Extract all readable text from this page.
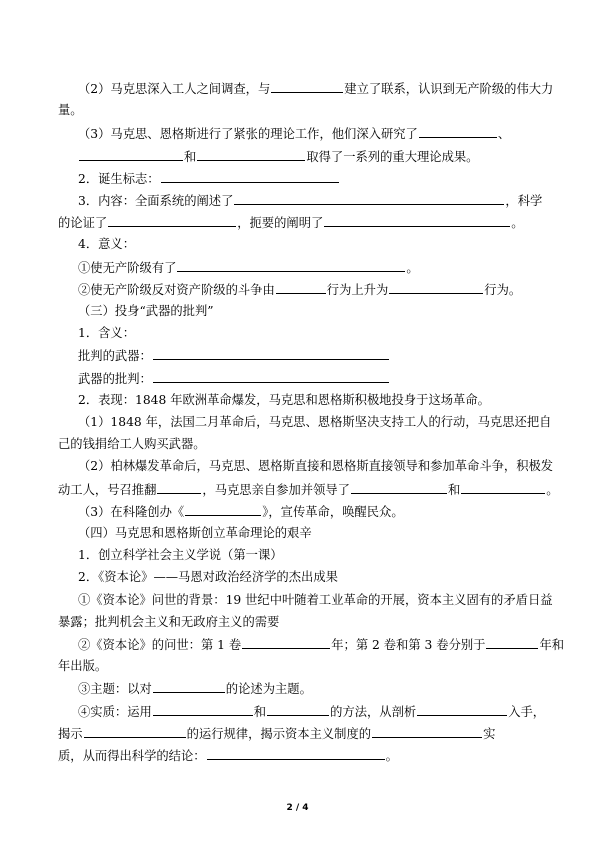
（2）马克思深入工人之间调查，与	建立了联系，认识到无产阶级的伟大力
量。
（3）马克思、恩格斯进行了紧张的理论工作，他们深入研究了	、
和	取得了一系列的重大理论成果。
2．诞生标志：
3．内容：全面系统的阐述了	，科学
的论证了	，扼要的阐明了	。
4．意义：
①使无产阶级有了	。
②使无产阶级反对资产阶级的斗争由	行为上升为	行为。
（三）投身“武器的批判”
1．含义：
批判的武器：
武器的批判：
2．表现：1848 年欧洲革命爆发，马克思和恩格斯积极地投身于这场革命。
（1）1848 年，法国二月革命后，马克思、恩格斯坚决支持工人的行动，马克思还把自
己的钱捐给工人购买武器。
（2）柏林爆发革命后，马克思、恩格斯直接和恩格斯直接领导和参加革命斗争，积极发
动工人，号召推翻	，马克思亲自参加并领导了	和	。
（3）在科隆创办《	》，宣传革命，唤醒民众。
（四）马克思和恩格斯创立革命理论的艰辛
1．创立科学社会主义学说（第一课）
2．《资本论》——马恩对政治经济学的杰出成果
①《资本论》问世的背景：19 世纪中叶随着工业革命的开展，资本主义固有的矛盾日益
暴露；批判机会主义和无政府主义的需要
②《资本论》的问世：第 1 卷	年；第 2 卷和第 3 卷分别于	年和
年出版。
③主题：以对	的论述为主题。
④实质：运用	和	的方法，从剖析	入手，
揭示	的运行规律，揭示资本主义制度的	实
质，从而得出科学的结论：	。
2 / 4
